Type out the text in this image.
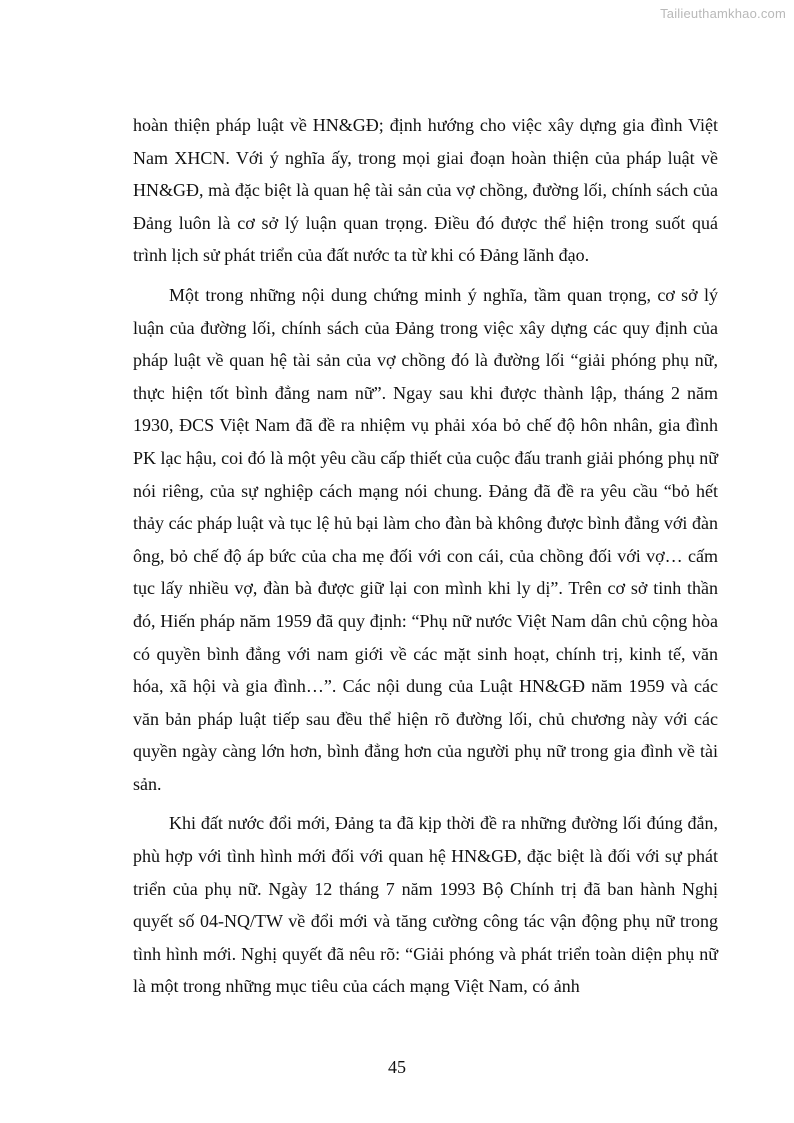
Tailieuthamkhao.com

hoàn thiện pháp luật về HN&GĐ; định hướng cho việc xây dựng gia đình Việt Nam XHCN. Với ý nghĩa ấy, trong mọi giai đoạn hoàn thiện của pháp luật về HN&GĐ, mà đặc biệt là quan hệ tài sản của vợ chồng, đường lối, chính sách của Đảng luôn là cơ sở lý luận quan trọng. Điều đó được thể hiện trong suốt quá trình lịch sử phát triển của đất nước ta từ khi có Đảng lãnh đạo.

Một trong những nội dung chứng minh ý nghĩa, tầm quan trọng, cơ sở lý luận của đường lối, chính sách của Đảng trong việc xây dựng các quy định của pháp luật về quan hệ tài sản của vợ chồng đó là đường lối “giải phóng phụ nữ, thực hiện tốt bình đẳng nam nữ”. Ngay sau khi được thành lập, tháng 2 năm 1930, ĐCS Việt Nam đã đề ra nhiệm vụ phải xóa bỏ chế độ hôn nhân, gia đình PK lạc hậu, coi đó là một yêu cầu cấp thiết của cuộc đấu tranh giải phóng phụ nữ nói riêng, của sự nghiệp cách mạng nói chung. Đảng đã đề ra yêu cầu “bỏ hết thảy các pháp luật và tục lệ hủ bại làm cho đàn bà không được bình đẳng với đàn ông, bỏ chế độ áp bức của cha mẹ đối với con cái, của chồng đối với vợ… cấm tục lấy nhiều vợ, đàn bà được giữ lại con mình khi ly dị”. Trên cơ sở tinh thần đó, Hiến pháp năm 1959 đã quy định: “Phụ nữ nước Việt Nam dân chủ cộng hòa có quyền bình đẳng với nam giới về các mặt sinh hoạt, chính trị, kinh tế, văn hóa, xã hội và gia đình…”. Các nội dung của Luật HN&GĐ năm 1959 và các văn bản pháp luật tiếp sau đều thể hiện rõ đường lối, chủ chương này với các quyền ngày càng lớn hơn, bình đẳng hơn của người phụ nữ trong gia đình về tài sản.

Khi đất nước đổi mới, Đảng ta đã kịp thời đề ra những đường lối đúng đắn, phù hợp với tình hình mới đối với quan hệ HN&GĐ, đặc biệt là đối với sự phát triển của phụ nữ. Ngày 12 tháng 7 năm 1993 Bộ Chính trị đã ban hành Nghị quyết số 04-NQ/TW về đổi mới và tăng cường công tác vận động phụ nữ trong tình hình mới. Nghị quyết đã nêu rõ: “Giải phóng và phát triển toàn diện phụ nữ là một trong những mục tiêu của cách mạng Việt Nam, có ảnh

45
